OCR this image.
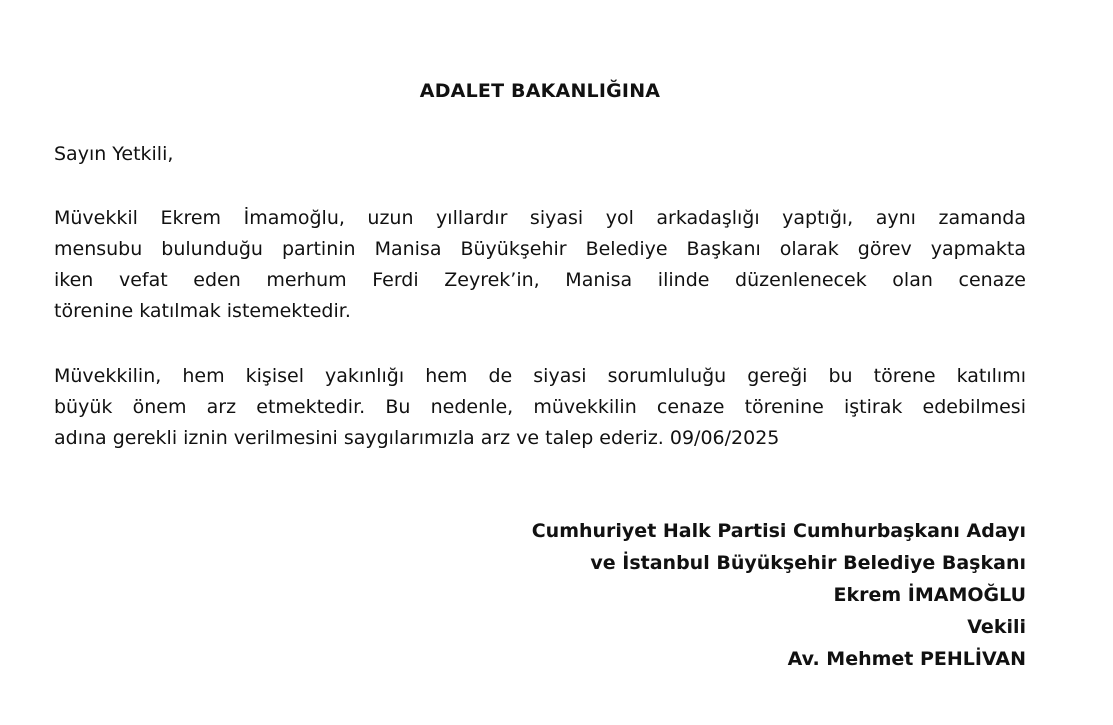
ADALET BAKANLIĞINA
Sayın Yetkili,

Müvekkil Ekrem İmamoğlu, uzun yıllardır siyasi yol arkadaşlığı yaptığı, aynı zamanda
mensubu bulunduğu partinin Manisa Büyükşehir Belediye Başkanı olarak görev yapmakta
iken vefat eden merhum Ferdi Zeyrek’in, Manisa ilinde düzenlenecek olan cenaze
törenine katılmak istemektedir.

Müvekkilin, hem kişisel yakınlığı hem de siyasi sorumluluğu gereği bu törene katılımı
büyük önem arz etmektedir. Bu nedenle, müvekkilin cenaze törenine iştirak edebilmesi
adına gerekli iznin verilmesini saygılarımızla arz ve talep ederiz. 09/06/2025

Cumhuriyet Halk Partisi Cumhurbaşkanı Adayı
ve İstanbul Büyükşehir Belediye Başkanı
Ekrem İMAMOĞLU
Vekili
Av. Mehmet PEHLİVAN
